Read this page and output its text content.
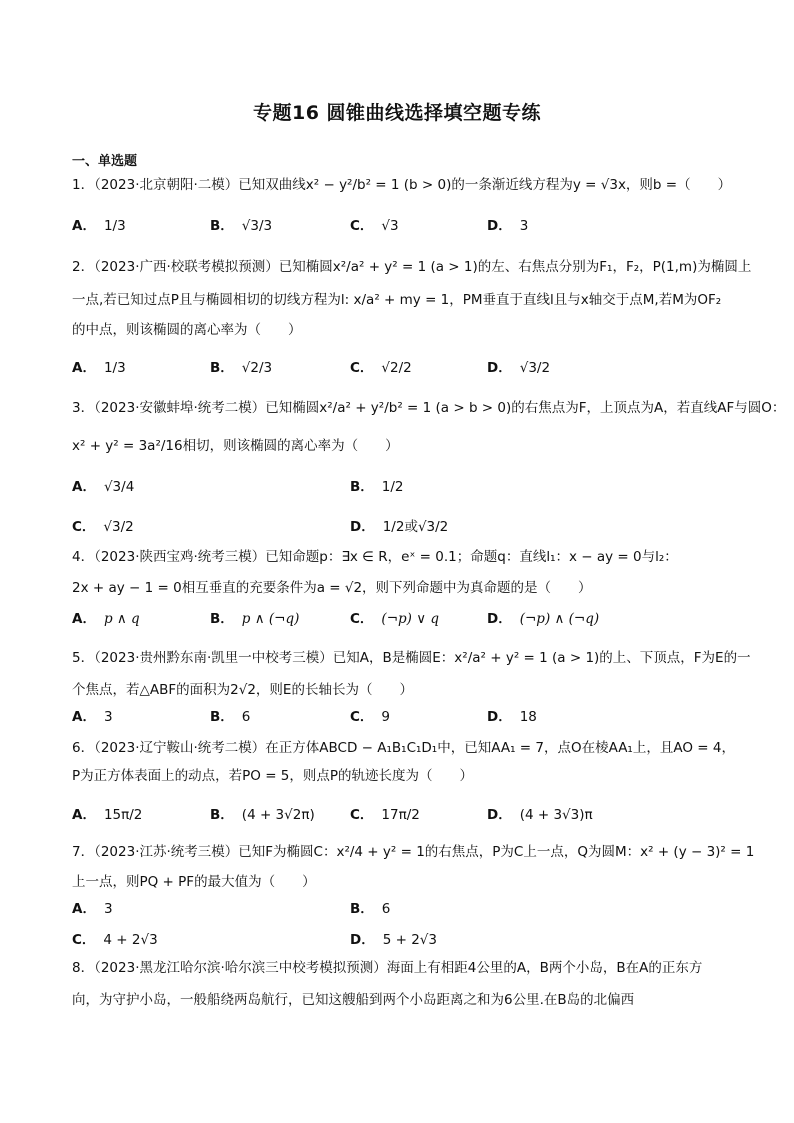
专题16 圆锥曲线选择填空题专练
一、单选题
1．（2023·北京朝阳·二模）已知双曲线x² − y²/b² = 1 (b > 0)的一条渐近线方程为y = √3x，则b =（　　）
A． 1/3	B． √3/3	C． √3	D． 3
2．（2023·广西·校联考模拟预测）已知椭圆x²/a² + y² = 1 (a > 1)的左、右焦点分别为F₁，F₂，P(1,m)为椭圆上
一点,若已知过点P且与椭圆相切的切线方程为l: x/a² + my = 1，PM垂直于直线l且与x轴交于点M,若M为OF₂
的中点，则该椭圆的离心率为（　　）
A． 1/3	B． √2/3	C． √2/2	D． √3/2
3．（2023·安徽蚌埠·统考二模）已知椭圆x²/a² + y²/b² = 1 (a > b > 0)的右焦点为F，上顶点为A，若直线AF与圆O：
x² + y² = 3a²/16相切，则该椭圆的离心率为（　　）
A． √3/4	B． 1/2
C． √3/2	D． 1/2或√3/2
4．（2023·陕西宝鸡·统考三模）已知命题p：∃x ∈ R，eˣ = 0.1；命题q：直线l₁：x − ay = 0与l₂：
2x + ay − 1 = 0相互垂直的充要条件为a = √2，则下列命题中为真命题的是（　　）
A． p ∧ q	B． p ∧ (¬q)	C． (¬p) ∨ q	D． (¬p) ∧ (¬q)
5．（2023·贵州黔东南·凯里一中校考三模）已知A，B是椭圆E：x²/a² + y² = 1 (a > 1)的上、下顶点，F为E的一
个焦点，若△ABF的面积为2√2，则E的长轴长为（　　）
A． 3	B． 6	C． 9	D． 18
6．（2023·辽宁鞍山·统考二模）在正方体ABCD − A₁B₁C₁D₁中，已知AA₁ = 7，点O在棱AA₁上，且AO = 4，
P为正方体表面上的动点，若PO = 5，则点P的轨迹长度为（　　）
A． 15π/2	B． (4 + 3√2π)	C． 17π/2	D． (4 + 3√3)π
7．（2023·江苏·统考三模）已知F为椭圆C：x²/4 + y² = 1的右焦点，P为C上一点，Q为圆M：x² + (y − 3)² = 1
上一点，则PQ + PF的最大值为（　　）
A． 3	B． 6
C． 4 + 2√3	D． 5 + 2√3
8．（2023·黑龙江哈尔滨·哈尔滨三中校考模拟预测）海面上有相距4公里的A，B两个小岛，B在A的正东方
向，为守护小岛，一般船绕两岛航行，已知这艘船到两个小岛距离之和为6公里.在B岛的北偏西
